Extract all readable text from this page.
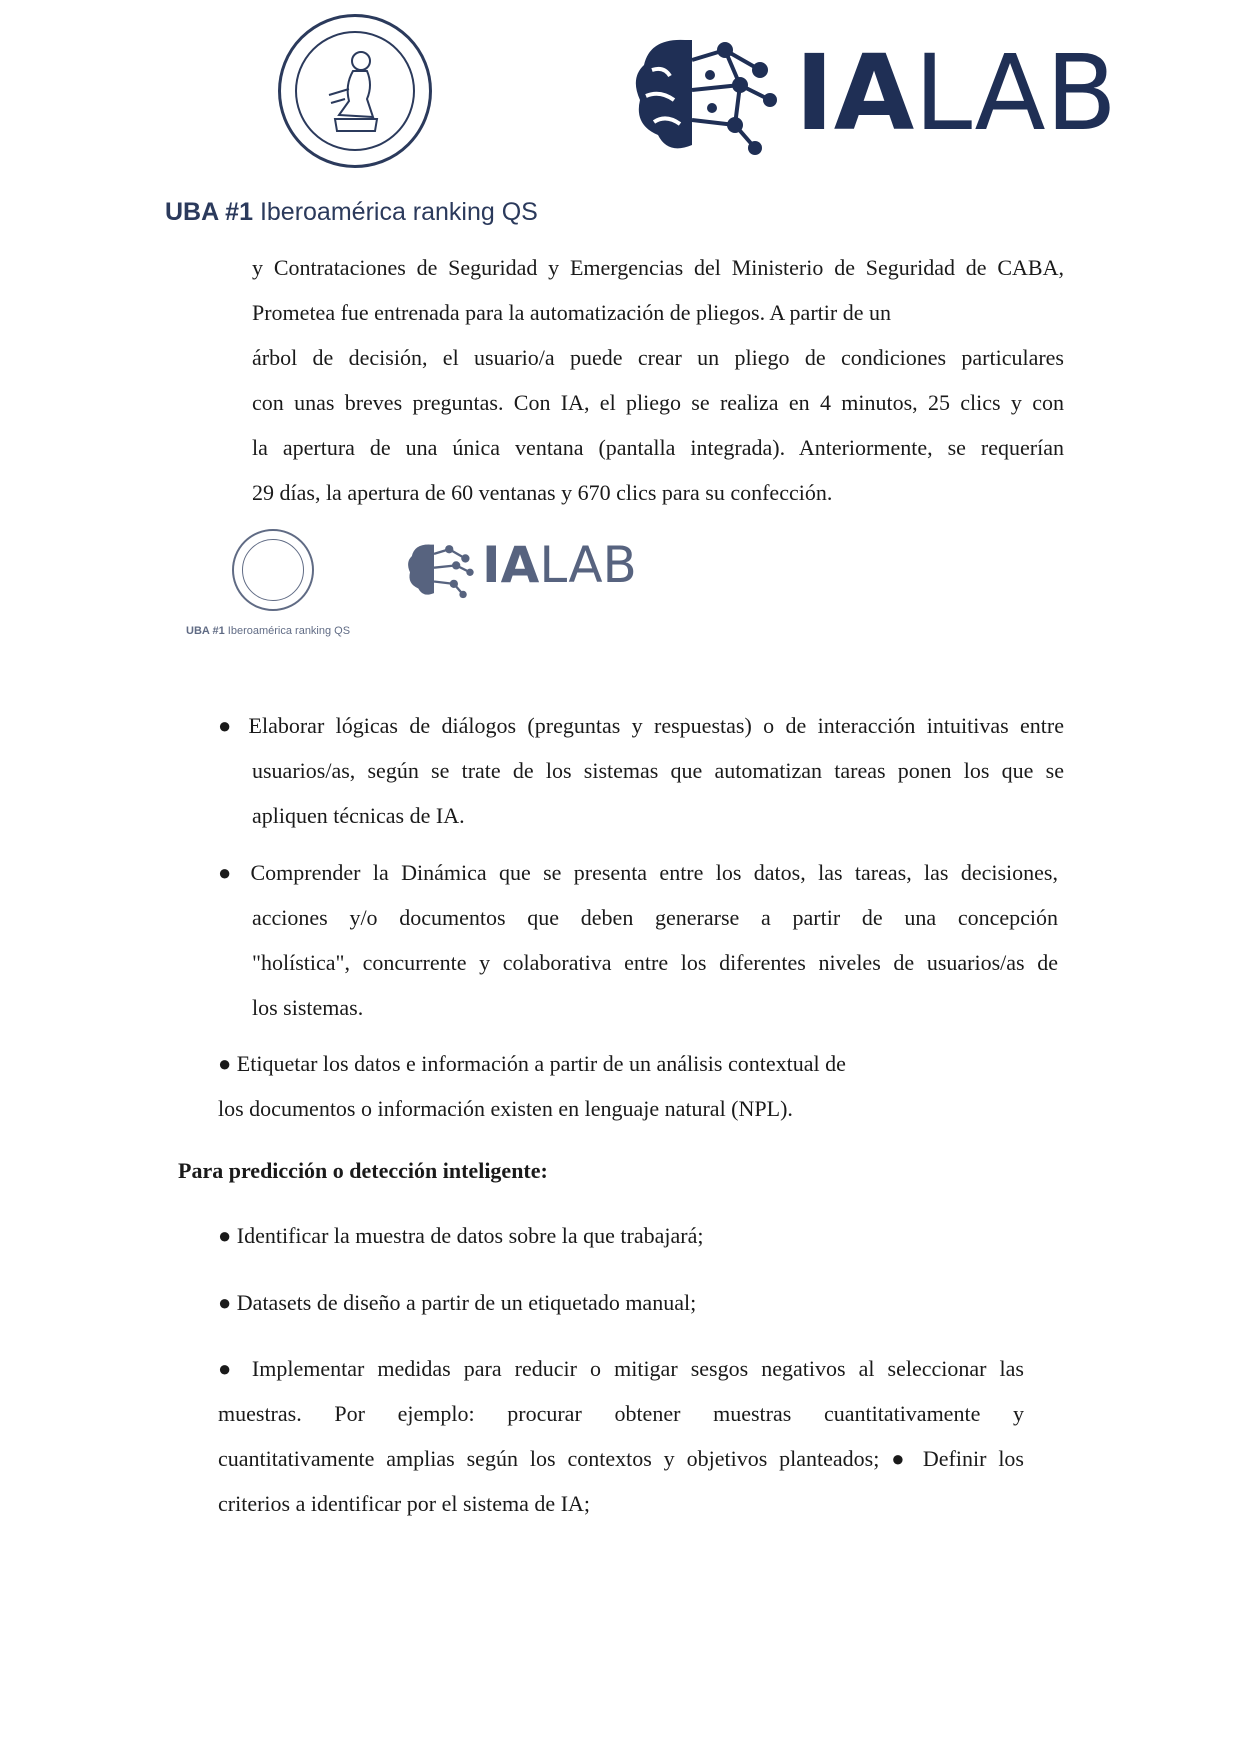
IALAB
UBA #1 Iberoamérica ranking QS
y Contrataciones de Seguridad y Emergencias del Ministerio de Seguridad de CABA,
Prometea fue entrenada para la automatización de pliegos. A partir de un
árbol de decisión, el usuario/a puede crear un pliego de condiciones particulares
con unas breves preguntas. Con IA, el pliego se realiza en 4 minutos, 25 clics y con
la apertura de una única ventana (pantalla integrada). Anteriormente, se requerían
29 días, la apertura de 60 ventanas y 670 clics para su confección.
IALAB
UBA #1 Iberoamérica ranking QS
● Elaborar lógicas de diálogos (preguntas y respuestas) o de interacción intuitivas entre
usuarios/as, según se trate de los sistemas que automatizan tareas ponen los que se
apliquen técnicas de IA.
● Comprender la Dinámica que se presenta entre los datos, las tareas, las decisiones,
acciones y/o documentos que deben generarse a partir de una concepción
"holística", concurrente y colaborativa entre los diferentes niveles de usuarios/as de
los sistemas.
● Etiquetar los datos e información a partir de un análisis contextual de
los documentos o información existen en lenguaje natural (NPL).
Para predicción o detección inteligente:
● Identificar la muestra de datos sobre la que trabajará;
● Datasets de diseño a partir de un etiquetado manual;
● Implementar medidas para reducir o mitigar sesgos negativos al seleccionar las
muestras. Por ejemplo: procurar obtener muestras cuantitativamente y
cuantitativamente amplias según los contextos y objetivos planteados; ● Definir los
criterios a identificar por el sistema de IA;
